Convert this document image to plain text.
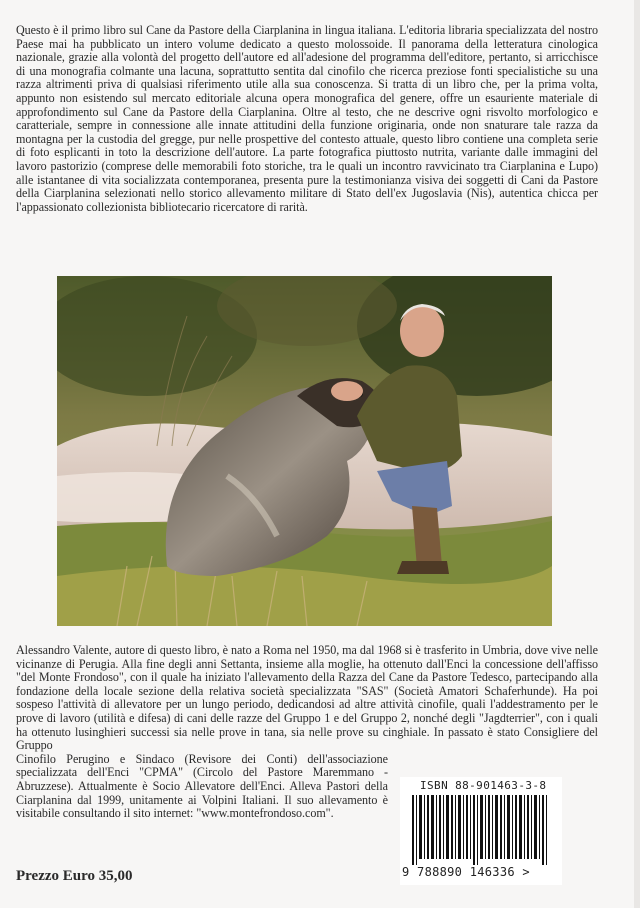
Questo è il primo libro sul Cane da Pastore della Ciarplanina in lingua italiana. L'editoria libraria specializzata del nostro Paese mai ha pubblicato un intero volume dedicato a questo molossoide. Il panorama della letteratura cinologica nazionale, grazie alla volontà del progetto dell'autore ed all'adesione del programma dell'editore, pertanto, si arricchisce di una monografia colmante una lacuna, soprattutto sentita dal cinofilo che ricerca preziose fonti specialistiche su una razza altrimenti priva di qualsiasi riferimento utile alla sua conoscenza. Si tratta di un libro che, per la prima volta, appunto non esistendo sul mercato editoriale alcuna opera monografica del genere, offre un esauriente materiale di approfondimento sul Cane da Pastore della Ciarplanina. Oltre al testo, che ne descrive ogni risvolto morfologico e caratteriale, sempre in connessione alle innate attitudini della funzione originaria, onde non snaturare tale razza da montagna per la custodia del gregge, pur nelle prospettive del contesto attuale, questo libro contiene una completa serie di foto esplicanti in toto la descrizione dell'autore. La parte fotografica piuttosto nutrita, variante dalle immagini del lavoro pastorizio (comprese delle memorabili foto storiche, tra le quali un incontro ravvicinato tra Ciarplanina e Lupo) alle istantanee di vita socializzata contemporanea, presenta pure la testimonianza visiva dei soggetti di Cani da Pastore della Ciarplanina selezionati nello storico allevamento militare di Stato dell'ex Jugoslavia (Nis), autentica chicca per l'appassionato collezionista bibliotecario ricercatore di rarità.
Alessandro Valente, autore di questo libro, è nato a Roma nel 1950, ma dal 1968 si è trasferito in Umbria, dove vive nelle vicinanze di Perugia. Alla fine degli anni Settanta, insieme alla moglie, ha ottenuto dall'Enci la concessione dell'affisso "del Monte Frondoso", con il quale ha iniziato l'allevamento della Razza del Cane da Pastore Tedesco, partecipando alla fondazione della locale sezione della relativa società specializzata "SAS" (Società Amatori Schaferhunde). Ha poi sospeso l'attività di allevatore per un lungo periodo, dedicandosi ad altre attività cinofile, quali l'addestramento per le prove di lavoro (utilità e difesa) di cani delle razze del Gruppo 1 e del Gruppo 2, nonché degli "Jagdterrier", con i quali ha ottenuto lusinghieri successi sia nelle prove in tana, sia nelle prove su cinghiale. In passato è stato Consigliere del Gruppo
Cinofilo Perugino e Sindaco (Revisore dei Conti) dell'associazione specializzata dell'Enci "CPMA" (Circolo del Pastore Maremmano - Abruzzese). Attualmente è Socio Allevatore dell'Enci. Alleva Pastori della Ciarplanina dal 1999, unitamente ai Volpini Italiani. Il suo allevamento è visitabile consultando il sito internet: "www.montefrondoso.com".
Prezzo Euro 35,00
ISBN 88-901463-3-8
9 788890 146336 >
